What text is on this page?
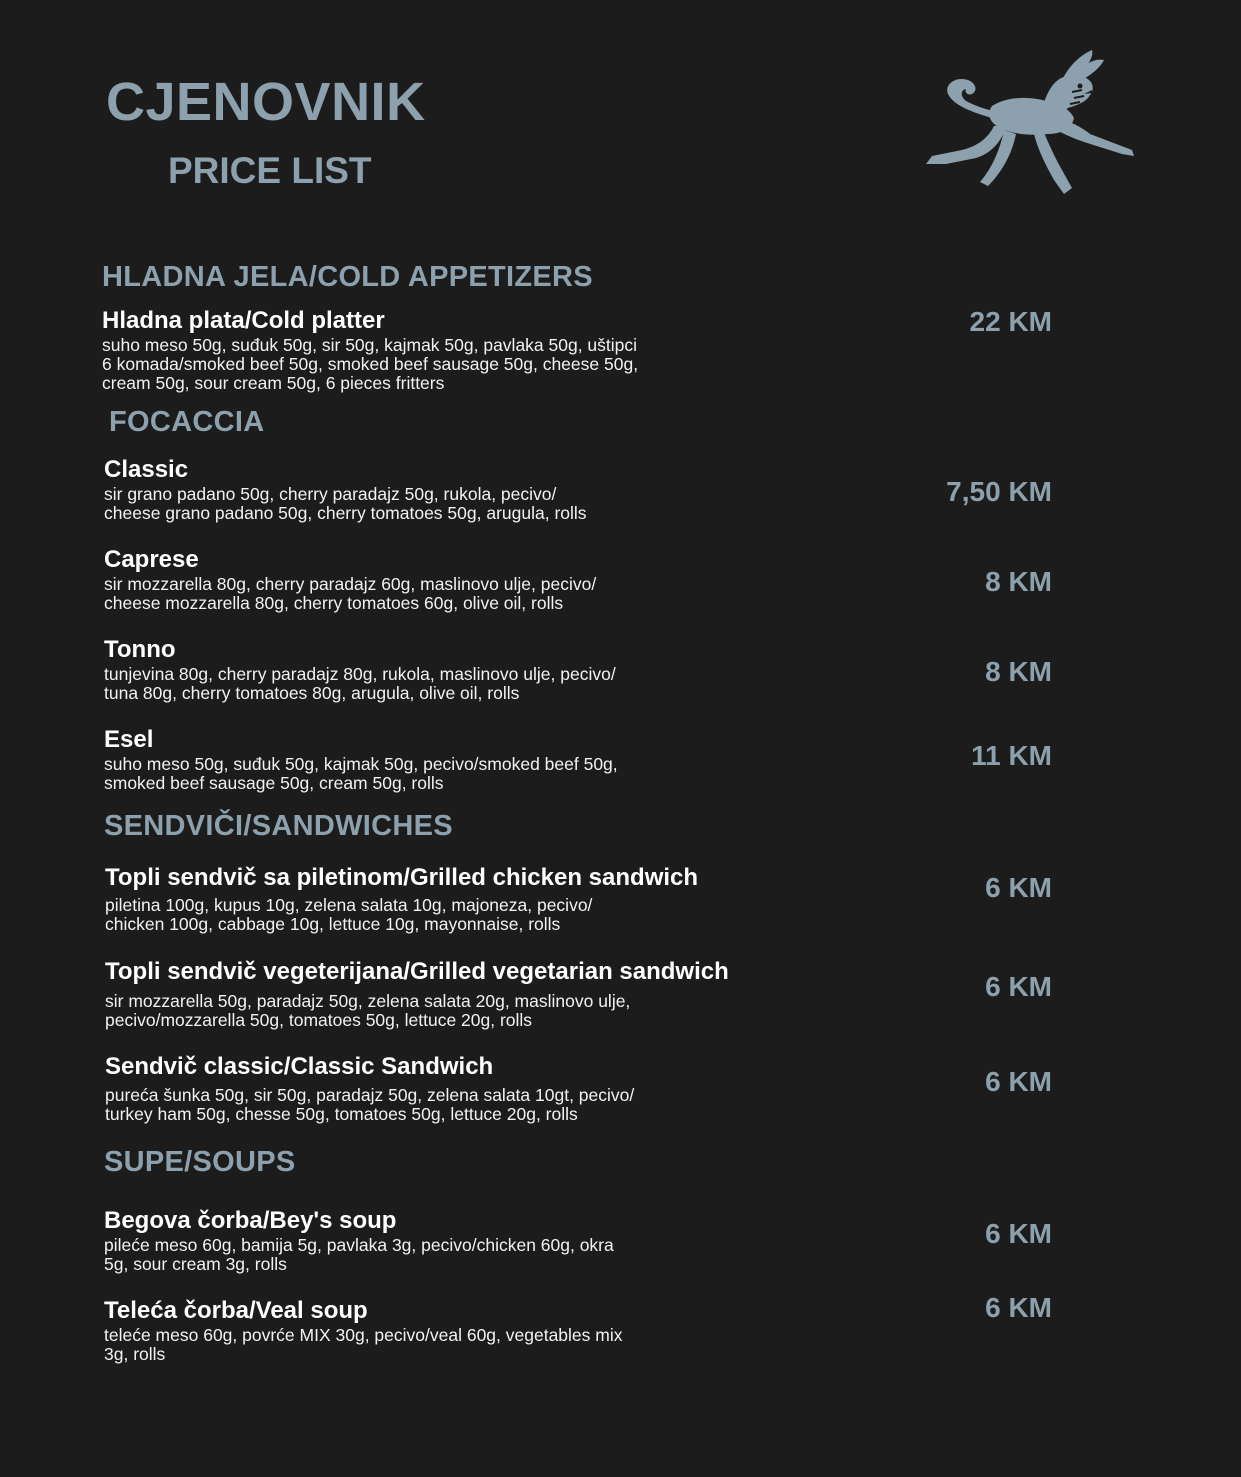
CJENOVNIK
PRICE LIST
HLADNA JELA/COLD APPETIZERS
Hladna plata/Cold platter
suho meso 50g, suđuk 50g, sir 50g, kajmak 50g, pavlaka 50g, uštipci
6 komada/smoked beef 50g, smoked beef sausage 50g, cheese 50g,
cream 50g, sour cream 50g, 6 pieces fritters
22 KM
FOCACCIA
Classic
sir grano padano 50g, cherry paradajz 50g, rukola, pecivo/
cheese grano padano 50g, cherry tomatoes 50g, arugula, rolls
7,50 KM
Caprese
sir mozzarella 80g, cherry paradajz 60g, maslinovo ulje, pecivo/
cheese mozzarella 80g, cherry tomatoes 60g, olive oil, rolls
8 KM
Tonno
tunjevina 80g, cherry paradajz 80g, rukola, maslinovo ulje, pecivo/
tuna 80g, cherry tomatoes 80g, arugula, olive oil, rolls
8 KM
Esel
suho meso 50g, suđuk 50g, kajmak 50g, pecivo/smoked beef 50g,
smoked beef sausage 50g, cream 50g, rolls
11 KM
SENDVIČI/SANDWICHES
Topli sendvič sa piletinom/Grilled chicken sandwich
piletina 100g, kupus 10g, zelena salata 10g, majoneza, pecivo/
chicken 100g, cabbage 10g, lettuce 10g, mayonnaise, rolls
6 KM
Topli sendvič vegeterijana/Grilled vegetarian sandwich
sir mozzarella 50g, paradajz 50g, zelena salata 20g, maslinovo ulje,
pecivo/mozzarella 50g, tomatoes 50g, lettuce 20g, rolls
6 KM
Sendvič classic/Classic Sandwich
pureća šunka 50g, sir 50g, paradajz 50g, zelena salata 10gt, pecivo/
turkey ham 50g, chesse 50g, tomatoes 50g, lettuce 20g, rolls
6 KM
SUPE/SOUPS
Begova čorba/Bey's soup
pileće meso 60g, bamija 5g, pavlaka 3g, pecivo/chicken 60g, okra
5g, sour cream 3g, rolls
6 KM
Teleća čorba/Veal soup
teleće meso 60g, povrće MIX 30g, pecivo/veal 60g, vegetables mix
3g, rolls
6 KM
